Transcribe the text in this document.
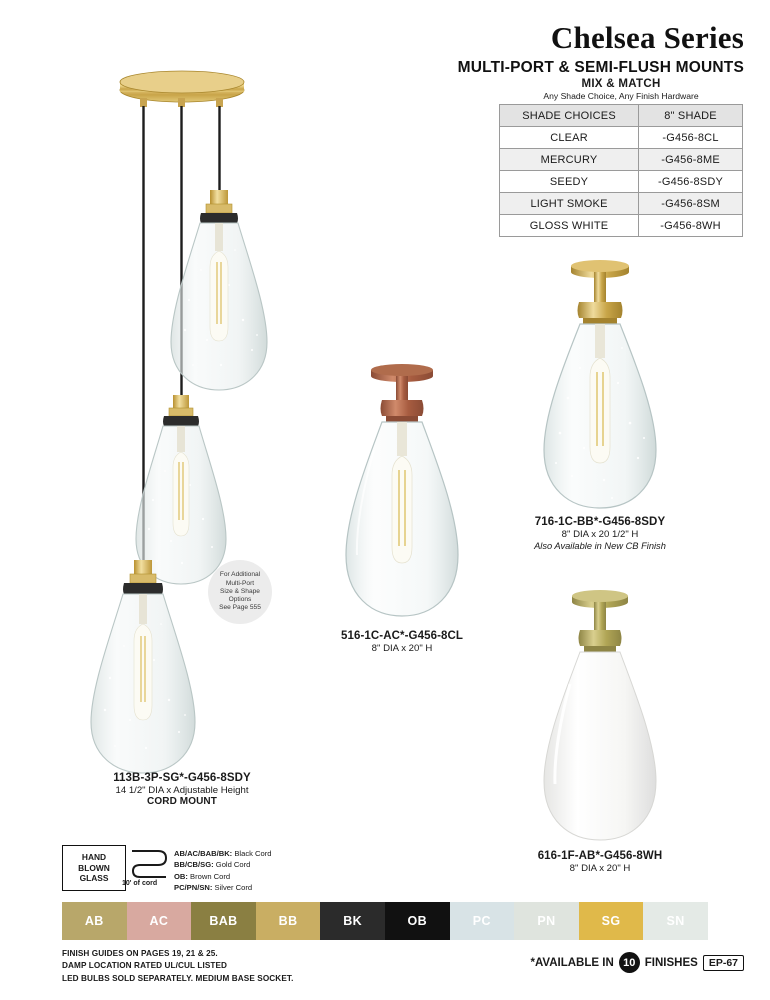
Chelsea Series
MULTI-PORT & SEMI-FLUSH MOUNTS
MIX & MATCH
Any Shade Choice, Any Finish Hardware
SHADE CHOICES	8" SHADE
CLEAR	-G456-8CL
MERCURY	-G456-8ME
SEEDY	-G456-8SDY
LIGHT SMOKE	-G456-8SM
GLOSS WHITE	-G456-8WH
For Additional
Multi-Port
Size & Shape
Options
See Page 555
113B-3P-SG*-G456-8SDY
14 1/2" DIA x Adjustable Height
CORD MOUNT
516-1C-AC*-G456-8CL
8" DIA x 20" H
716-1C-BB*-G456-8SDY
8" DIA x 20 1/2" H
Also Available in New CB Finish
616-1F-AB*-G456-8WH
8" DIA x 20" H
HAND
BLOWN
GLASS
10' of cord
AB/AC/BAB/BK: Black Cord
BB/CB/SG: Gold Cord
OB: Brown Cord
PC/PN/SN: Silver Cord
AB	AC	BAB	BB	BK	OB	PC	PN	SG	SN
FINISH GUIDES ON PAGES 19, 21 & 25.
DAMP LOCATION RATED UL/CUL LISTED
LED BULBS SOLD SEPARATELY. MEDIUM BASE SOCKET.
*AVAILABLE IN 10 FINISHES	EP-67
